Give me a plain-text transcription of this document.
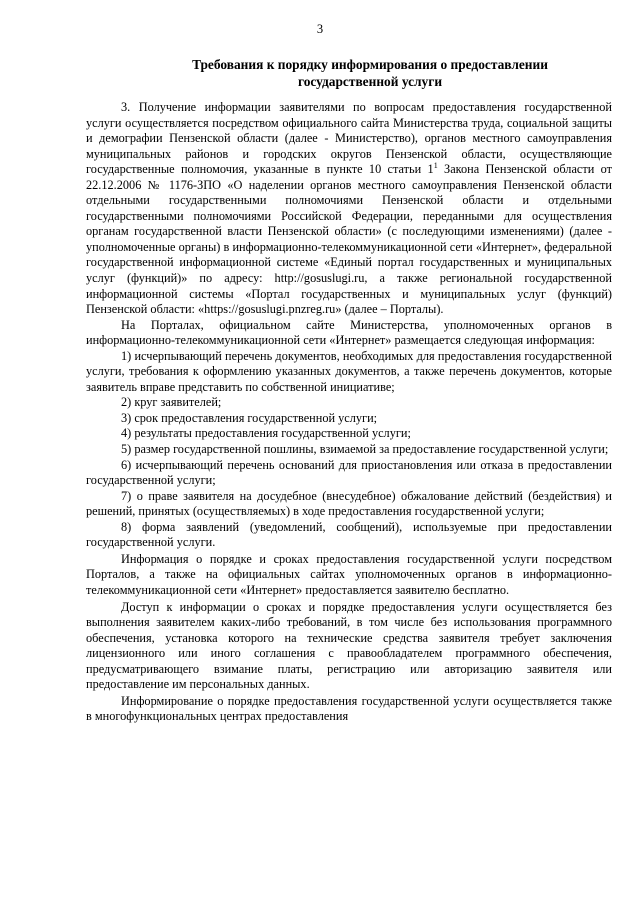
3
Требования к порядку информирования о предоставлении
государственной услуги

3. Получение информации заявителями по вопросам предоставления государственной услуги осуществляется посредством официального сайта Министерства труда, социальной защиты и демографии Пензенской области (далее - Министерство), органов местного самоуправления муниципальных районов и городских округов Пензенской области, осуществляющие государственные полномочия, указанные в пункте 10 статьи $1^1$ Закона Пензенской области от 22.12.2006 № 1176-ЗПО «О наделении органов местного самоуправления Пензенской области отдельными государственными полномочиями Пензенской области и отдельными государственными полномочиями Российской Федерации, переданными для осуществления органам государственной власти Пензенской области» (с последующими изменениями) (далее - уполномоченные органы) в информационно-телекоммуникационной сети «Интернет», федеральной государственной информационной системе «Единый портал государственных и муниципальных услуг (функций)» по адресу: http://gosuslugi.ru, а также региональной государственной информационной системы «Портал государственных и муниципальных услуг (функций) Пензенской области: «https://gosuslugi.pnzreg.ru» (далее – Порталы).

На Порталах, официальном сайте Министерства, уполномоченных органов в информационно-телекоммуникационной сети «Интернет» размещается следующая информация:

1) исчерпывающий перечень документов, необходимых для предоставления государственной услуги, требования к оформлению указанных документов, а также перечень документов, которые заявитель вправе представить по собственной инициативе;

2) круг заявителей;

3) срок предоставления государственной услуги;

4) результаты предоставления государственной услуги;

5) размер государственной пошлины, взимаемой за предоставление государственной услуги;

6) исчерпывающий перечень оснований для приостановления или отказа в предоставлении государственной услуги;

7) о праве заявителя на досудебное (внесудебное) обжалование действий (бездействия) и решений, принятых (осуществляемых) в ходе предоставления государственной услуги;

8) форма заявлений (уведомлений, сообщений), используемые при предоставлении государственной услуги.

Информация о порядке и сроках предоставления государственной услуги посредством Порталов, а также на официальных сайтах уполномоченных органов в информационно-телекоммуникационной сети «Интернет» предоставляется заявителю бесплатно.

Доступ к информации о сроках и порядке предоставления услуги осуществляется без выполнения заявителем каких-либо требований, в том числе без использования программного обеспечения, установка которого на технические средства заявителя требует заключения лицензионного или иного соглашения с правообладателем программного обеспечения, предусматривающего взимание платы, регистрацию или авторизацию заявителя или предоставление им персональных данных.

Информирование о порядке предоставления государственной услуги осуществляется также в многофункциональных центрах предоставления
